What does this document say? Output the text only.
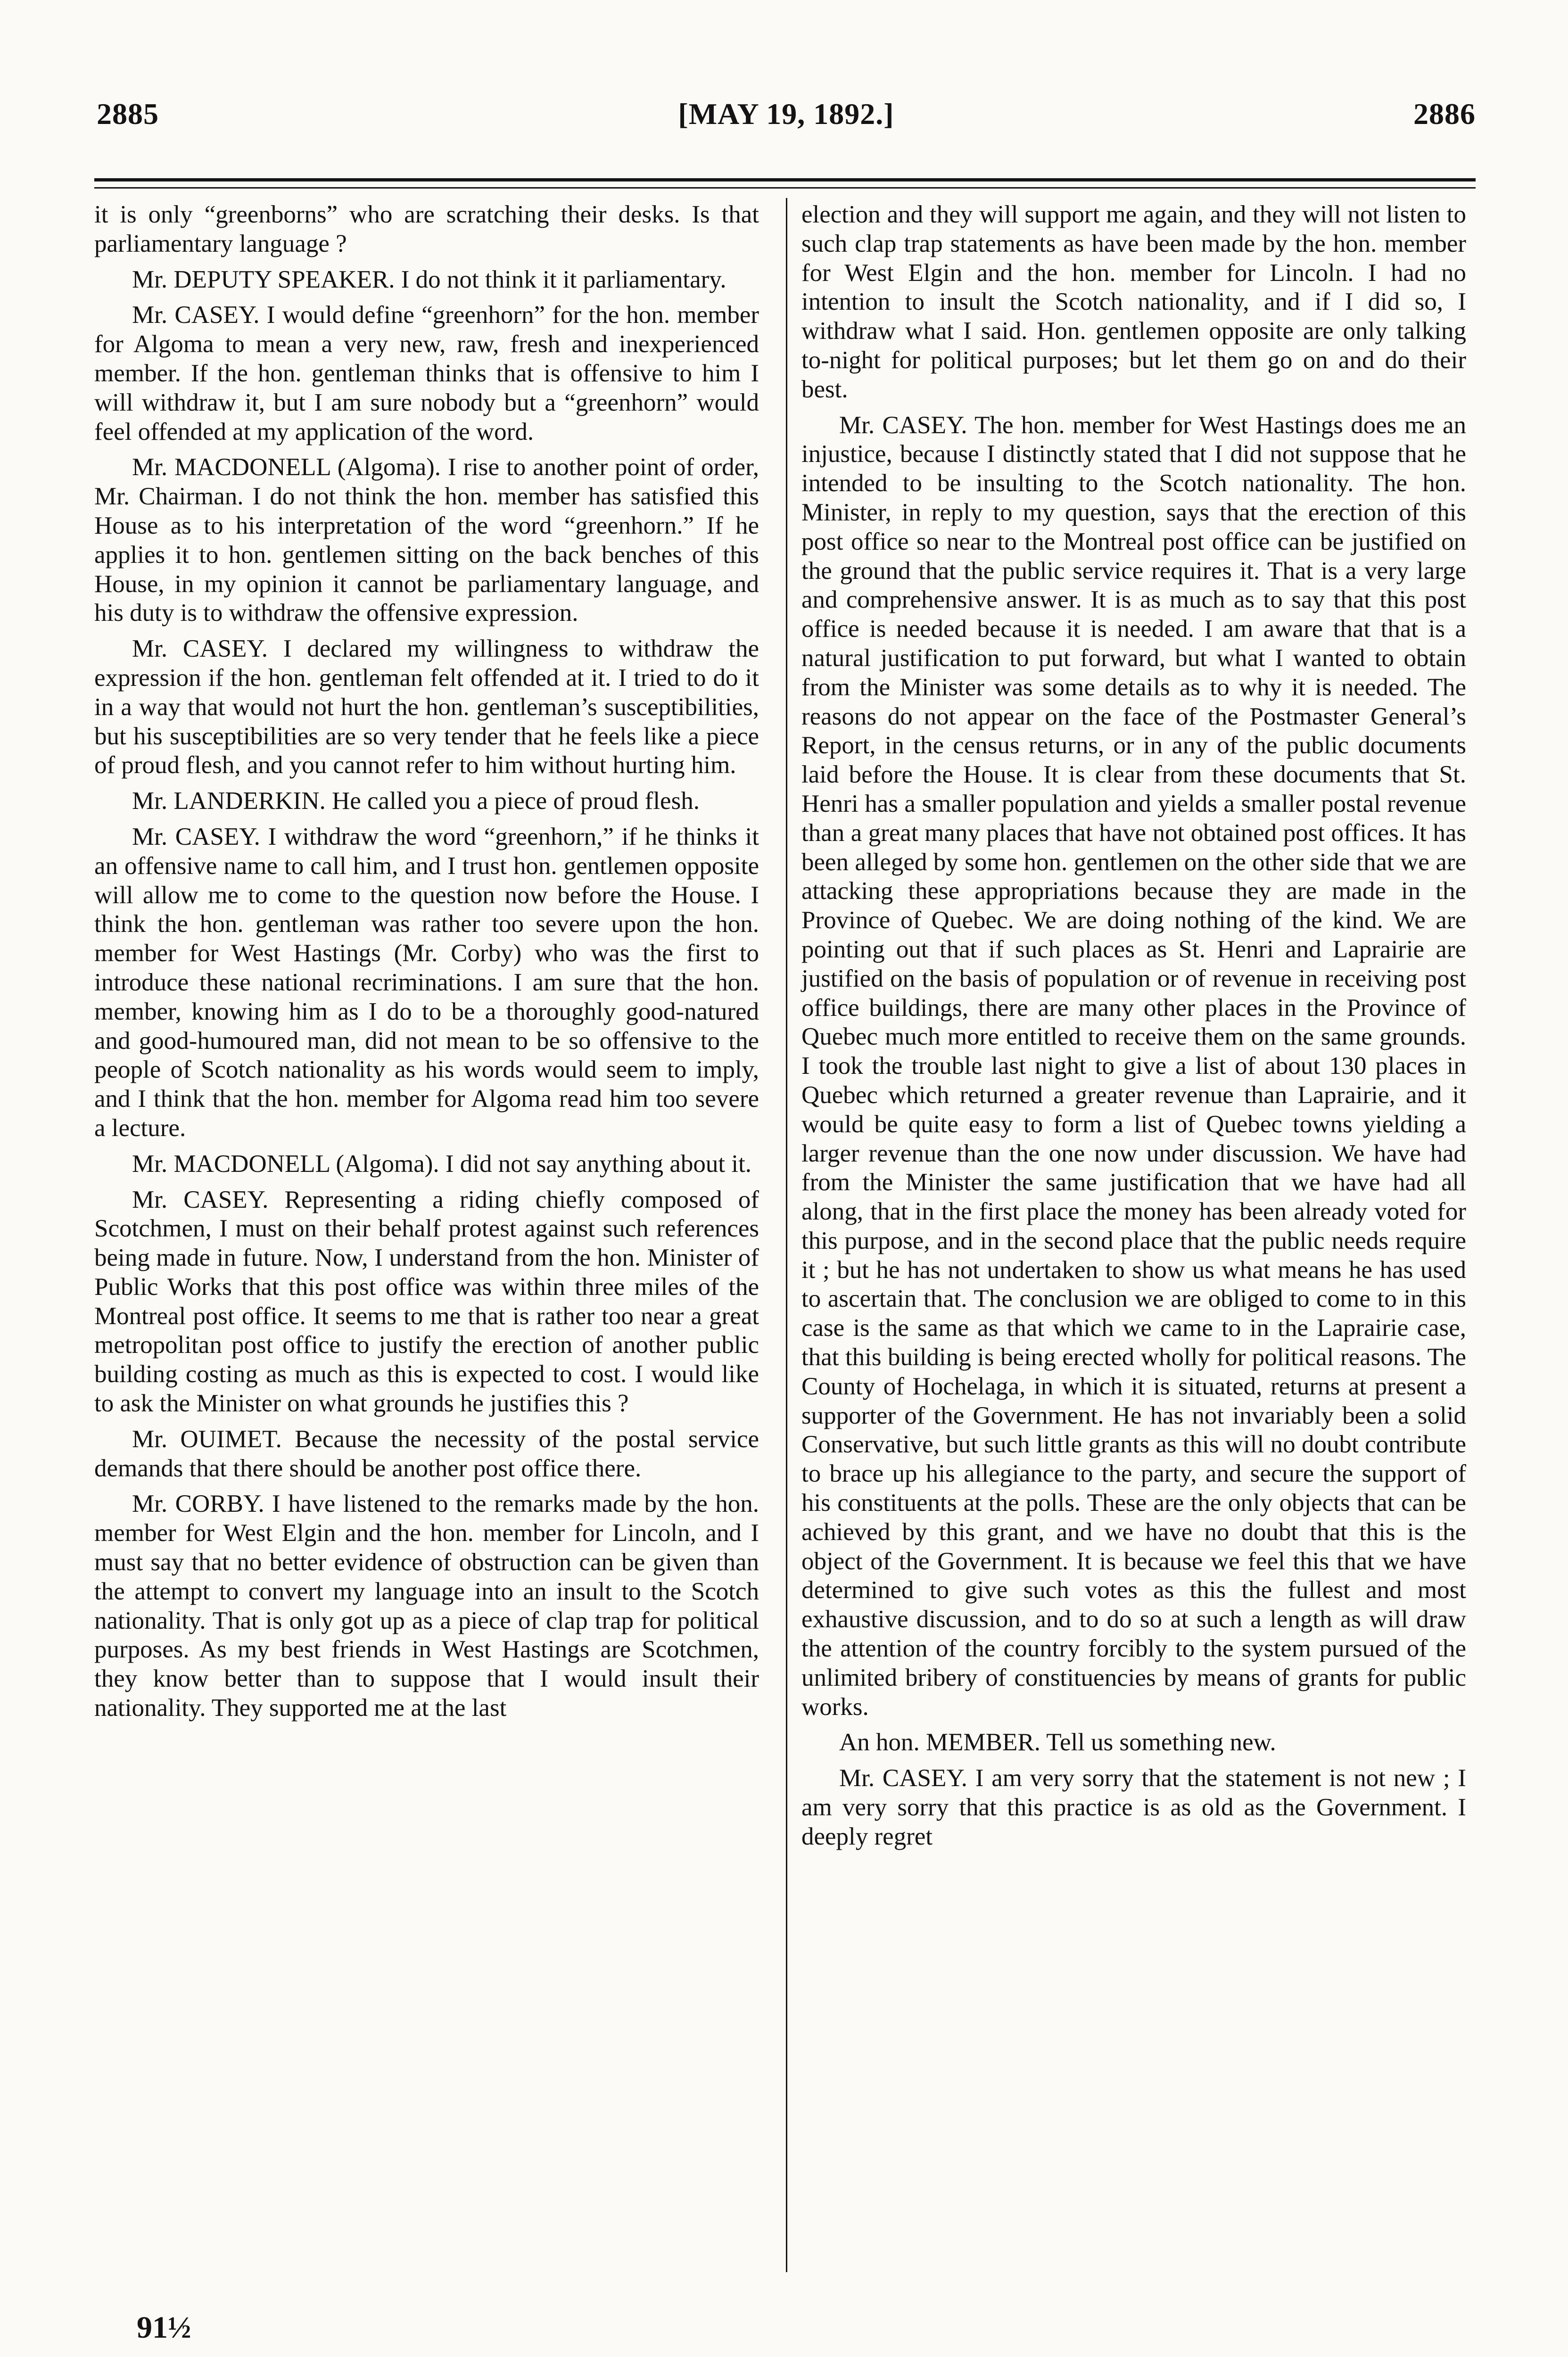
2885	[MAY 19, 1892.]	2886

it is only “greenborns” who are scratching their desks. Is that parliamentary language ?

Mr. DEPUTY SPEAKER. I do not think it it parliamentary.

Mr. CASEY. I would define “greenhorn” for the hon. member for Algoma to mean a very new, raw, fresh and inexperienced member. If the hon. gentleman thinks that is offensive to him I will withdraw it, but I am sure nobody but a “greenhorn” would feel offended at my application of the word.

Mr. MACDONELL (Algoma). I rise to another point of order, Mr. Chairman. I do not think the hon. member has satisfied this House as to his interpretation of the word “greenhorn.” If he applies it to hon. gentlemen sitting on the back benches of this House, in my opinion it cannot be parliamentary language, and his duty is to withdraw the offensive expression.

Mr. CASEY. I declared my willingness to withdraw the expression if the hon. gentleman felt offended at it. I tried to do it in a way that would not hurt the hon. gentleman’s susceptibilities, but his susceptibilities are so very tender that he feels like a piece of proud flesh, and you cannot refer to him without hurting him.

Mr. LANDERKIN. He called you a piece of proud flesh.

Mr. CASEY. I withdraw the word “greenhorn,” if he thinks it an offensive name to call him, and I trust hon. gentlemen opposite will allow me to come to the question now before the House. I think the hon. gentleman was rather too severe upon the hon. member for West Hastings (Mr. Corby) who was the first to introduce these national recriminations. I am sure that the hon. member, knowing him as I do to be a thoroughly good-natured and good-humoured man, did not mean to be so offensive to the people of Scotch nationality as his words would seem to imply, and I think that the hon. member for Algoma read him too severe a lecture.

Mr. MACDONELL (Algoma). I did not say anything about it.

Mr. CASEY. Representing a riding chiefly composed of Scotchmen, I must on their behalf protest against such references being made in future. Now, I understand from the hon. Minister of Public Works that this post office was within three miles of the Montreal post office. It seems to me that is rather too near a great metropolitan post office to justify the erection of another public building costing as much as this is expected to cost. I would like to ask the Minister on what grounds he justifies this ?

Mr. OUIMET. Because the necessity of the postal service demands that there should be another post office there.

Mr. CORBY. I have listened to the remarks made by the hon. member for West Elgin and the hon. member for Lincoln, and I must say that no better evidence of obstruction can be given than the attempt to convert my language into an insult to the Scotch nationality. That is only got up as a piece of clap trap for political purposes. As my best friends in West Hastings are Scotchmen, they know better than to suppose that I would insult their nationality. They supported me at the last

election and they will support me again, and they will not listen to such clap trap statements as have been made by the hon. member for West Elgin and the hon. member for Lincoln. I had no intention to insult the Scotch nationality, and if I did so, I withdraw what I said. Hon. gentlemen opposite are only talking to-night for political purposes; but let them go on and do their best.

Mr. CASEY. The hon. member for West Hastings does me an injustice, because I distinctly stated that I did not suppose that he intended to be insulting to the Scotch nationality. The hon. Minister, in reply to my question, says that the erection of this post office so near to the Montreal post office can be justified on the ground that the public service requires it. That is a very large and comprehensive answer. It is as much as to say that this post office is needed because it is needed. I am aware that that is a natural justification to put forward, but what I wanted to obtain from the Minister was some details as to why it is needed. The reasons do not appear on the face of the Postmaster General’s Report, in the census returns, or in any of the public documents laid before the House. It is clear from these documents that St. Henri has a smaller population and yields a smaller postal revenue than a great many places that have not obtained post offices. It has been alleged by some hon. gentlemen on the other side that we are attacking these appropriations because they are made in the Province of Quebec. We are doing nothing of the kind. We are pointing out that if such places as St. Henri and Laprairie are justified on the basis of population or of revenue in receiving post office buildings, there are many other places in the Province of Quebec much more entitled to receive them on the same grounds. I took the trouble last night to give a list of about 130 places in Quebec which returned a greater revenue than Laprairie, and it would be quite easy to form a list of Quebec towns yielding a larger revenue than the one now under discussion. We have had from the Minister the same justification that we have had all along, that in the first place the money has been already voted for this purpose, and in the second place that the public needs require it ; but he has not undertaken to show us what means he has used to ascertain that. The conclusion we are obliged to come to in this case is the same as that which we came to in the Laprairie case, that this building is being erected wholly for political reasons. The County of Hochelaga, in which it is situated, returns at present a supporter of the Government. He has not invariably been a solid Conservative, but such little grants as this will no doubt contribute to brace up his allegiance to the party, and secure the support of his constituents at the polls. These are the only objects that can be achieved by this grant, and we have no doubt that this is the object of the Government. It is because we feel this that we have determined to give such votes as this the fullest and most exhaustive discussion, and to do so at such a length as will draw the attention of the country forcibly to the system pursued of the unlimited bribery of constituencies by means of grants for public works.

An hon. MEMBER. Tell us something new.

Mr. CASEY. I am very sorry that the statement is not new ; I am very sorry that this practice is as old as the Government. I deeply regret

91½
